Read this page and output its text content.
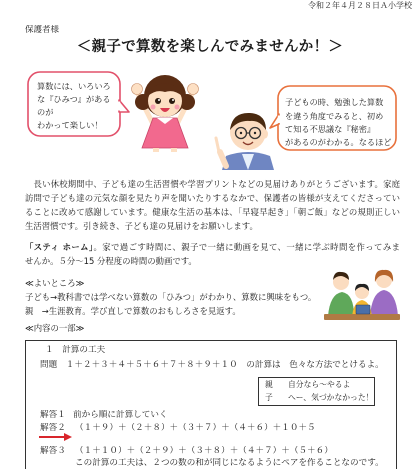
令和２年４月２８日Ａ小学校
保護者様
＜親子で算数を楽しんでみませんか！＞
算数には、いろいろ
な『ひみつ』がある
のが
わかって楽しい！
子どもの時、勉強した算数
を違う角度でみると、初め
て知る不思議な『秘密』
があるのがわかる。なるほど
　長い休校期間中、子ども達の生活習慣や学習プリントなどの見届けありがとうございます。家庭
訪問で子ども達の元気な顔を見たり声を聞いたりするなかで、保護者の皆様が支えてくださってい
ることに改めて感謝しています。健康な生活の基本は、「早寝早起き」「朝ご飯」などの規則正しい
生活習慣です。引き続き、子ども達の見届けをお願いします。
「スティ ホーム」。家で過ごす時間に、親子で一緒に動画を見て、一緒に学ぶ時間を作ってみま
せんか。５分～15 分程度の時間の動画です。
≪よいところ≫
子ども→教科書では学べない算数の「ひみつ」がわかり、算数に興味をもつ。
親　→生涯教育。学び直しで算数のおもしろさを見返す。
≪内容の一部≫
１　計算の工夫
問題　１＋２＋３＋４＋５＋６＋７＋８＋９＋１０　の計算は　色々な方法でとけるよ。
親 自分なら～やるよ
子 へー、気づかなかった！
解答１ 前から順に計算していく
解答２ （１＋９）＋（２＋８）＋（３＋７）＋（４＋６）＋１０＋５
解答３ （１＋１０）＋（２＋９）＋（３＋８）＋（４＋７）＋（５＋６）
この計算の工夫は、２つの数の和が同じになるようにペアを作ることなのです。
